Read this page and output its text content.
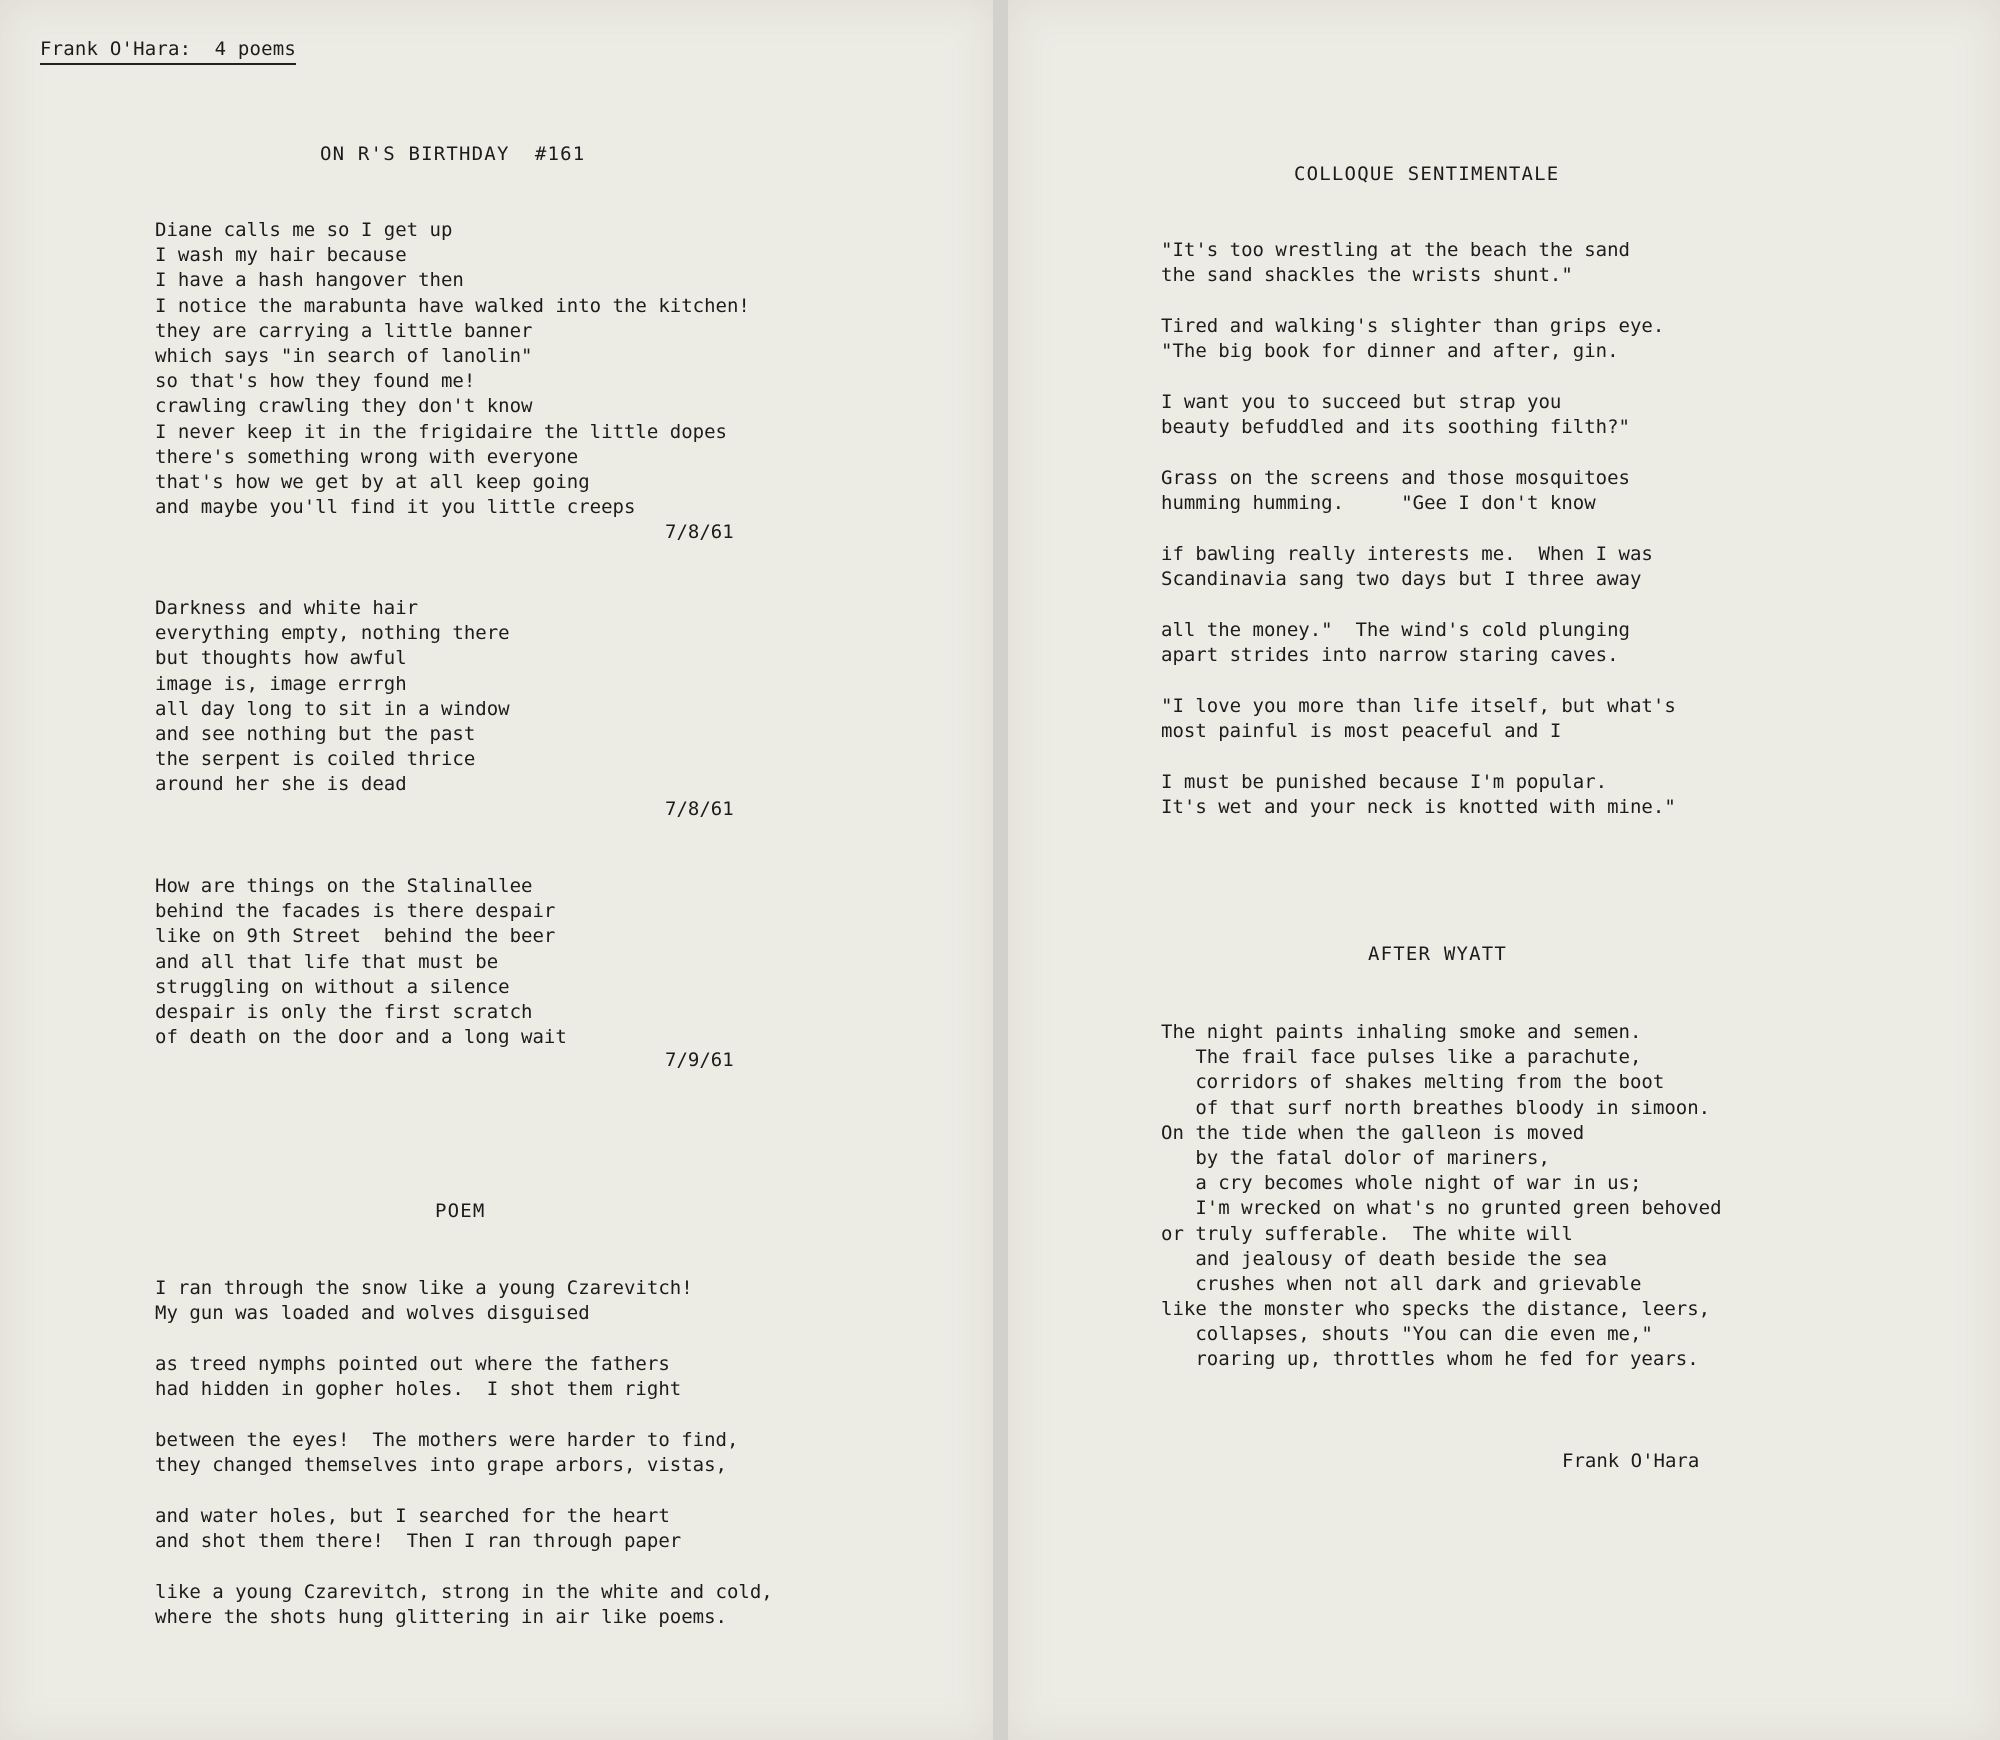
Frank O'Hara:  4 poems
ON R'S BIRTHDAY  #161
Diane calls me so I get up
I wash my hair because
I have a hash hangover then
I notice the marabunta have walked into the kitchen!
they are carrying a little banner
which says "in search of lanolin"
so that's how they found me!
crawling crawling they don't know
I never keep it in the frigidaire the little dopes
there's something wrong with everyone
that's how we get by at all keep going
and maybe you'll find it you little creeps
7/8/61
Darkness and white hair
everything empty, nothing there
but thoughts how awful
image is, image errrgh
all day long to sit in a window
and see nothing but the past
the serpent is coiled thrice
around her she is dead
7/8/61
How are things on the Stalinallee
behind the facades is there despair
like on 9th Street  behind the beer
and all that life that must be
struggling on without a silence
despair is only the first scratch
of death on the door and a long wait
7/9/61
POEM
I ran through the snow like a young Czarevitch!
My gun was loaded and wolves disguised
as treed nymphs pointed out where the fathers
had hidden in gopher holes.  I shot them right
between the eyes!  The mothers were harder to find,
they changed themselves into grape arbors, vistas,
and water holes, but I searched for the heart
and shot them there!  Then I ran through paper
like a young Czarevitch, strong in the white and cold,
where the shots hung glittering in air like poems.
COLLOQUE SENTIMENTALE
"It's too wrestling at the beach the sand
the sand shackles the wrists shunt."
Tired and walking's slighter than grips eye.
"The big book for dinner and after, gin.
I want you to succeed but strap you
beauty befuddled and its soothing filth?"
Grass on the screens and those mosquitoes
humming humming.     "Gee I don't know
if bawling really interests me.  When I was
Scandinavia sang two days but I three away
all the money."  The wind's cold plunging
apart strides into narrow staring caves.
"I love you more than life itself, but what's
most painful is most peaceful and I
I must be punished because I'm popular.
It's wet and your neck is knotted with mine."
AFTER WYATT
The night paints inhaling smoke and semen.
The frail face pulses like a parachute,
corridors of shakes melting from the boot
of that surf north breathes bloody in simoon.
On the tide when the galleon is moved
by the fatal dolor of mariners,
a cry becomes whole night of war in us;
I'm wrecked on what's no grunted green behoved
or truly sufferable.  The white will
and jealousy of death beside the sea
crushes when not all dark and grievable
like the monster who specks the distance, leers,
collapses, shouts "You can die even me,"
roaring up, throttles whom he fed for years.
Frank O'Hara
